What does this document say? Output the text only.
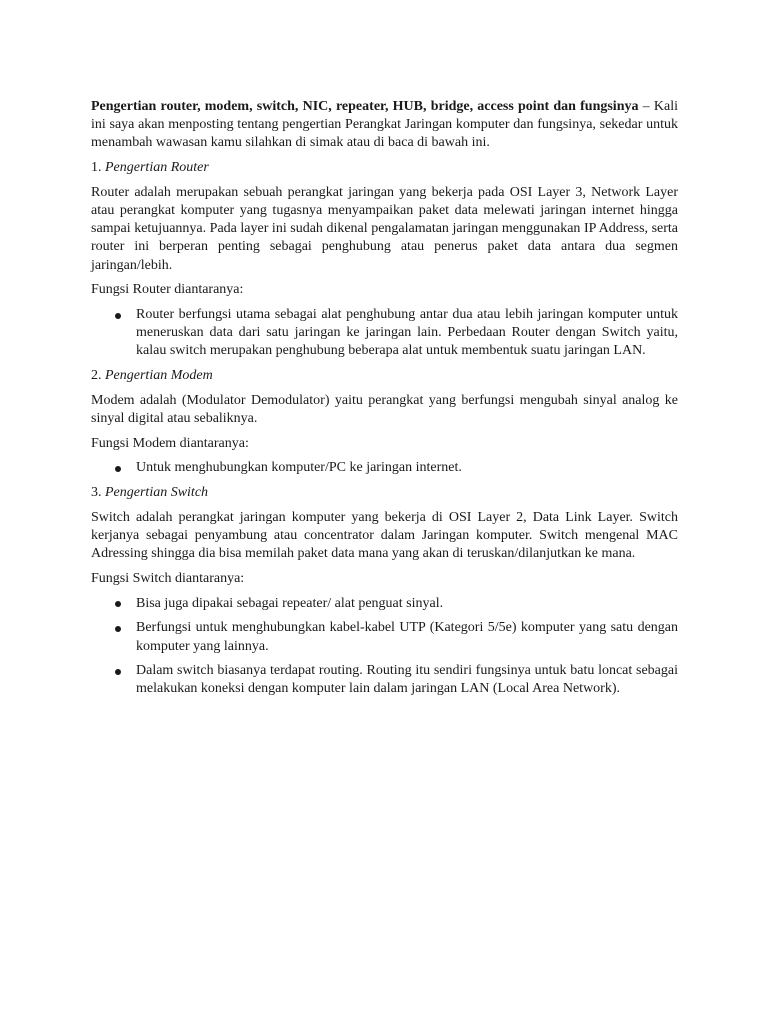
Pengertian router, modem, switch, NIC, repeater, HUB, bridge, access point dan fungsinya – Kali ini saya akan menposting tentang pengertian Perangkat Jaringan komputer dan fungsinya, sekedar untuk menambah wawasan kamu silahkan di simak atau di baca di bawah ini.

1. Pengertian Router

Router adalah merupakan sebuah perangkat jaringan yang bekerja pada OSI Layer 3, Network Layer atau perangkat komputer yang tugasnya menyampaikan paket data melewati jaringan internet hingga sampai ketujuannya. Pada layer ini sudah dikenal pengalamatan jaringan menggunakan IP Address, serta router ini berperan penting sebagai penghubung atau penerus paket data antara dua segmen jaringan/lebih.

Fungsi Router diantaranya:

Router berfungsi utama sebagai alat penghubung antar dua atau lebih jaringan komputer untuk meneruskan data dari satu jaringan ke jaringan lain. Perbedaan Router dengan Switch yaitu, kalau switch merupakan penghubung beberapa alat untuk membentuk suatu jaringan LAN.

2. Pengertian Modem

Modem adalah (Modulator Demodulator) yaitu perangkat yang berfungsi mengubah sinyal analog ke sinyal digital atau sebaliknya.

Fungsi Modem diantaranya:

Untuk menghubungkan komputer/PC ke jaringan internet.

3. Pengertian Switch

Switch adalah perangkat jaringan komputer yang bekerja di OSI Layer 2, Data Link Layer. Switch kerjanya sebagai penyambung atau concentrator dalam Jaringan komputer. Switch mengenal MAC Adressing shingga dia bisa memilah paket data mana yang akan di teruskan/dilanjutkan ke mana.

Fungsi Switch diantaranya:

Bisa juga dipakai sebagai repeater/ alat penguat sinyal.
Berfungsi untuk menghubungkan kabel-kabel UTP (Kategori 5/5e) komputer yang satu dengan komputer yang lainnya.
Dalam switch biasanya terdapat routing. Routing itu sendiri fungsinya untuk batu loncat sebagai melakukan koneksi dengan komputer lain dalam jaringan LAN (Local Area Network).
